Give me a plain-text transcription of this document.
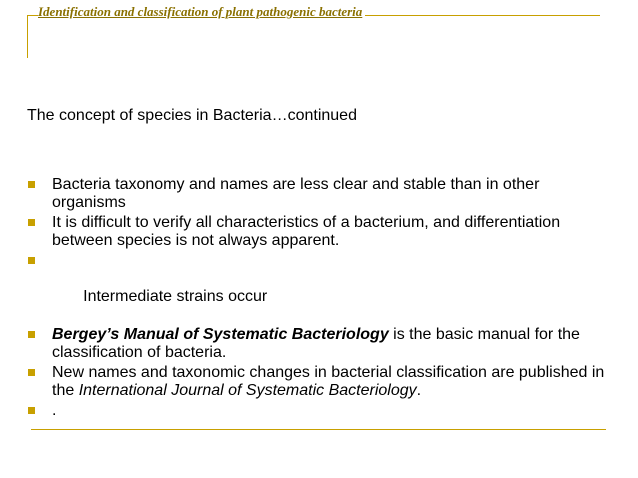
Identification and classification of plant pathogenic bacteria
The concept of species in Bacteria…continued
Bacteria taxonomy and names are less clear and stable than in other organisms
It is difficult to verify all characteristics of a bacterium, and differentiation between species is not always apparent.

Intermediate strains occur

Bergey’s Manual of Systematic Bacteriology is the basic manual for the classification of bacteria.
New names and taxonomic changes in bacterial classification are published in the International Journal of Systematic Bacteriology.
.
